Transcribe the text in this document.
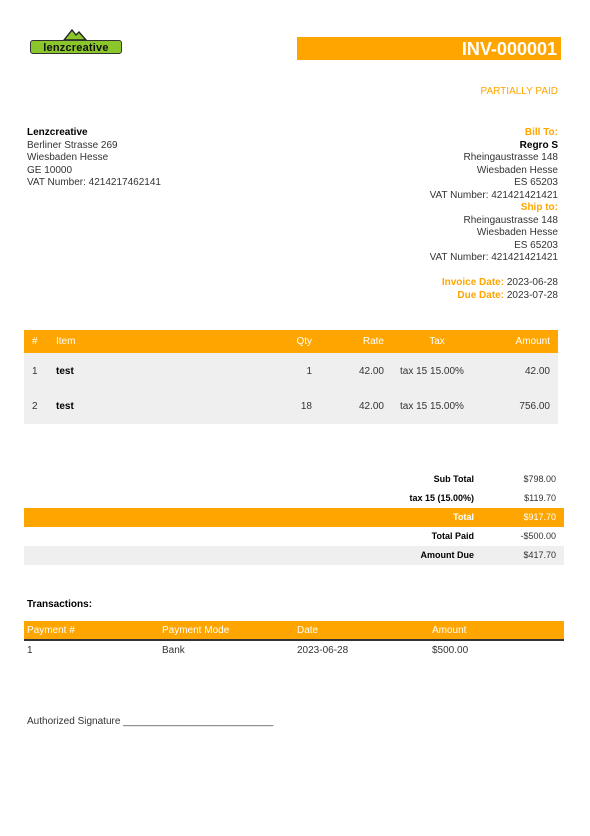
lenzcreative	INV-000001
PARTIALLY PAID
Lenzcreative
Berliner Strasse 269
Wiesbaden Hesse
GE 10000
VAT Number: 4214217462141
Bill To:
Regro S
Rheingaustrasse 148
Wiesbaden Hesse
ES 65203
VAT Number: 421421421421
Ship to:
Rheingaustrasse 148
Wiesbaden Hesse
ES 65203
VAT Number: 421421421421
Invoice Date: 2023-06-28
Due Date: 2023-07-28
#	Item	Qty	Rate	Tax	Amount
1	test	1	42.00	tax 15 15.00%	42.00
2	test	18	42.00	tax 15 15.00%	756.00
Sub Total	$798.00
tax 15 (15.00%)	$119.70
Total	$917.70
Total Paid	-$500.00
Amount Due	$417.70
Transactions:
Payment #	Payment Mode	Date	Amount
1	Bank	2023-06-28	$500.00
Authorized Signature ___________________________
